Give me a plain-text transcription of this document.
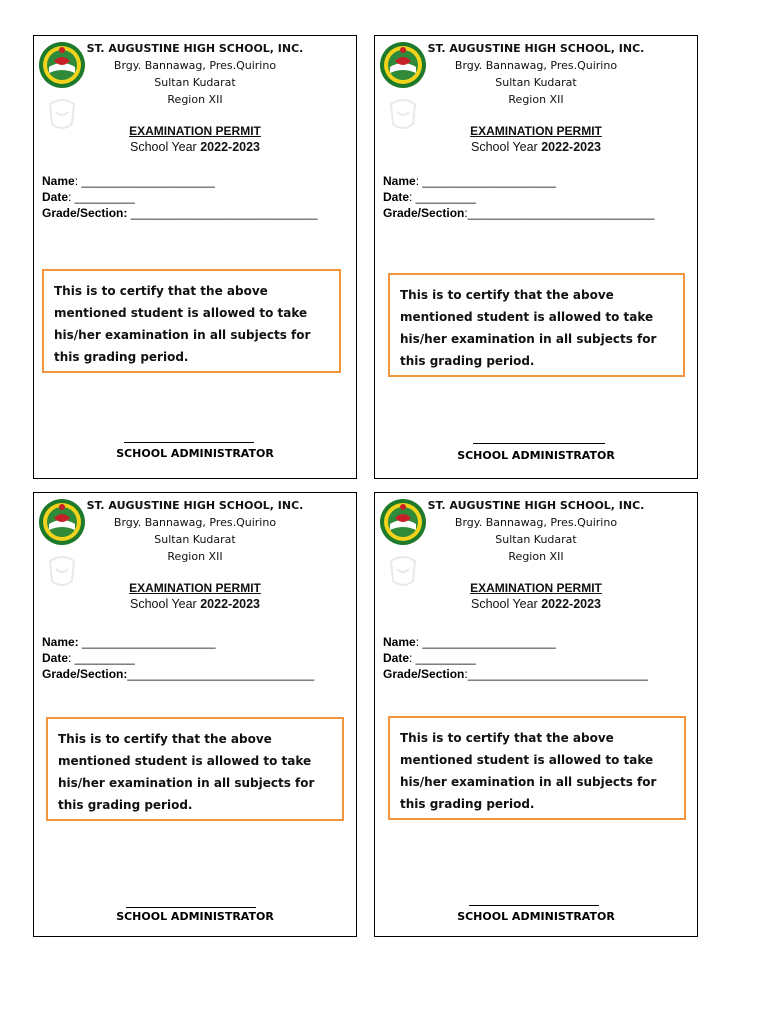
ST. AUGUSTINE HIGH SCHOOL, INC.
Brgy. Bannawag, Pres.Quirino
Sultan Kudarat
Region XII
EXAMINATION PERMIT
School Year 2022-2023
Name: ____________________
Date: _________
Grade/Section: ____________________________
This is to certify that the above mentioned student is allowed to take his/her examination in all subjects for this grading period.
SCHOOL ADMINISTRATOR
ST. AUGUSTINE HIGH SCHOOL, INC.
Brgy. Bannawag, Pres.Quirino
Sultan Kudarat
Region XII
EXAMINATION PERMIT
School Year 2022-2023
Name: ____________________
Date: _________
Grade/Section:____________________________
This is to certify that the above mentioned student is allowed to take his/her examination in all subjects for this grading period.
SCHOOL ADMINISTRATOR
ST. AUGUSTINE HIGH SCHOOL, INC.
Brgy. Bannawag, Pres.Quirino
Sultan Kudarat
Region XII
EXAMINATION PERMIT
School Year 2022-2023
Name: ____________________
Date: _________
Grade/Section:____________________________
This is to certify that the above mentioned student is allowed to take his/her examination in all subjects for this grading period.
SCHOOL ADMINISTRATOR
ST. AUGUSTINE HIGH SCHOOL, INC.
Brgy. Bannawag, Pres.Quirino
Sultan Kudarat
Region XII
EXAMINATION PERMIT
School Year 2022-2023
Name: ____________________
Date: _________
Grade/Section:___________________________
This is to certify that the above mentioned student is allowed to take his/her examination in all subjects for this grading period.
SCHOOL ADMINISTRATOR
